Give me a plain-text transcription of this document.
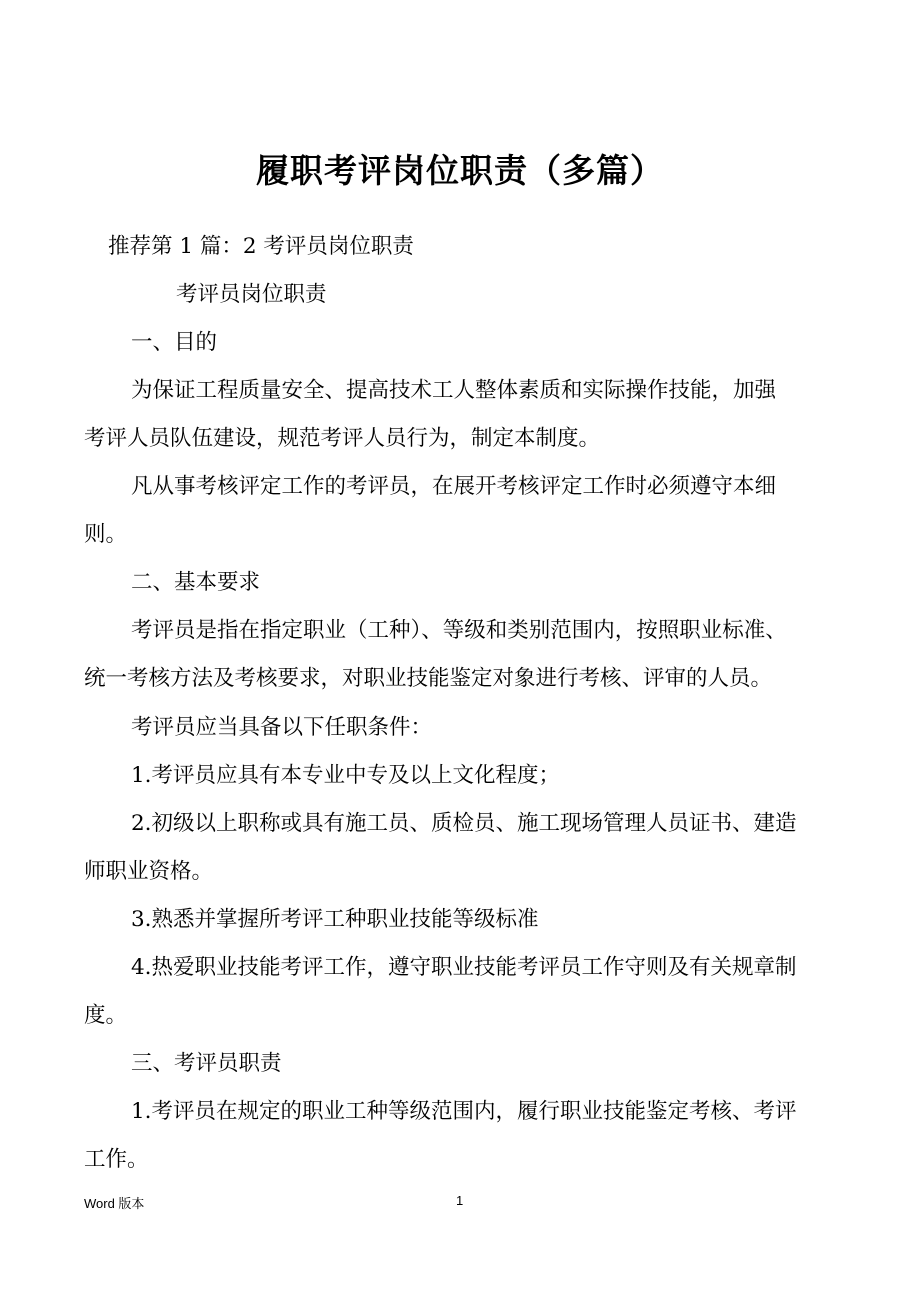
履职考评岗位职责（多篇）
推荐第 1 篇：2 考评员岗位职责
考评员岗位职责
一、目的
为保证工程质量安全、提高技术工人整体素质和实际操作技能，加强
考评人员队伍建设，规范考评人员行为，制定本制度。
凡从事考核评定工作的考评员，在展开考核评定工作时必须遵守本细
则。
二、基本要求
考评员是指在指定职业（工种）、等级和类别范围内，按照职业标准、
统一考核方法及考核要求，对职业技能鉴定对象进行考核、评审的人员。
考评员应当具备以下任职条件：
1.考评员应具有本专业中专及以上文化程度；
2.初级以上职称或具有施工员、质检员、施工现场管理人员证书、建造
师职业资格。
3.熟悉并掌握所考评工种职业技能等级标准
4.热爱职业技能考评工作，遵守职业技能考评员工作守则及有关规章制
度。
三、考评员职责
1.考评员在规定的职业工种等级范围内，履行职业技能鉴定考核、考评
工作。
Word 版本	1
